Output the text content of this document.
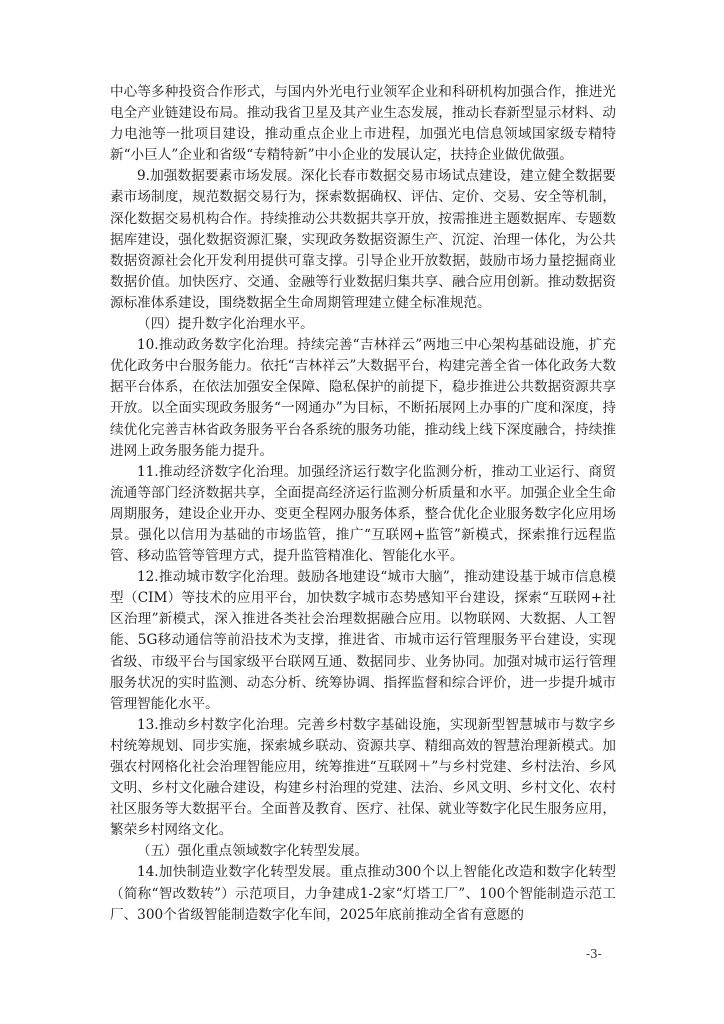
中心等多种投资合作形式，与国内外光电行业领军企业和科研机构加强合作，推进光电全产业链建设布局。推动我省卫星及其产业生态发展，推动长春新型显示材料、动力电池等一批项目建设，推动重点企业上市进程，加强光电信息领域国家级专精特新“小巨人”企业和省级“专精特新”中小企业的发展认定，扶持企业做优做强。

9.加强数据要素市场发展。深化长春市数据交易市场试点建设，建立健全数据要素市场制度，规范数据交易行为，探索数据确权、评估、定价、交易、安全等机制，深化数据交易机构合作。持续推动公共数据共享开放，按需推进主题数据库、专题数据库建设，强化数据资源汇聚，实现政务数据资源生产、沉淀、治理一体化，为公共数据资源社会化开发利用提供可靠支撑。引导企业开放数据，鼓励市场力量挖掘商业数据价值。加快医疗、交通、金融等行业数据归集共享、融合应用创新。推动数据资源标准体系建设，围绕数据全生命周期管理建立健全标准规范。

（四）提升数字化治理水平。

10.推动政务数字化治理。持续完善“吉林祥云”两地三中心架构基础设施，扩充优化政务中台服务能力。依托“吉林祥云”大数据平台，构建完善全省一体化政务大数据平台体系，在依法加强安全保障、隐私保护的前提下，稳步推进公共数据资源共享开放。以全面实现政务服务“一网通办”为目标，不断拓展网上办事的广度和深度，持续优化完善吉林省政务服务平台各系统的服务功能，推动线上线下深度融合，持续推进网上政务服务能力提升。

11.推动经济数字化治理。加强经济运行数字化监测分析，推动工业运行、商贸流通等部门经济数据共享，全面提高经济运行监测分析质量和水平。加强企业全生命周期服务，建设企业开办、变更全程网办服务体系，整合优化企业服务数字化应用场景。强化以信用为基础的市场监管，推广“互联网+监管”新模式，探索推行远程监管、移动监管等管理方式，提升监管精准化、智能化水平。

12.推动城市数字化治理。鼓励各地建设“城市大脑”，推动建设基于城市信息模型（CIM）等技术的应用平台，加快数字城市态势感知平台建设，探索“互联网+社区治理”新模式，深入推进各类社会治理数据融合应用。以物联网、大数据、人工智能、5G移动通信等前沿技术为支撑，推进省、市城市运行管理服务平台建设，实现省级、市级平台与国家级平台联网互通、数据同步、业务协同。加强对城市运行管理服务状况的实时监测、动态分析、统筹协调、指挥监督和综合评价，进一步提升城市管理智能化水平。

13.推动乡村数字化治理。完善乡村数字基础设施，实现新型智慧城市与数字乡村统筹规划、同步实施，探索城乡联动、资源共享、精细高效的智慧治理新模式。加强农村网格化社会治理智能应用，统筹推进“互联网＋”与乡村党建、乡村法治、乡风文明、乡村文化融合建设，构建乡村治理的党建、法治、乡风文明、乡村文化、农村社区服务等大数据平台。全面普及教育、医疗、社保、就业等数字化民生服务应用，繁荣乡村网络文化。

（五）强化重点领域数字化转型发展。

14.加快制造业数字化转型发展。重点推动300个以上智能化改造和数字化转型（简称“智改数转”）示范项目，力争建成1-2家“灯塔工厂”、100个智能制造示范工厂、300个省级智能制造数字化车间，2025年底前推动全省有意愿的

-3-
